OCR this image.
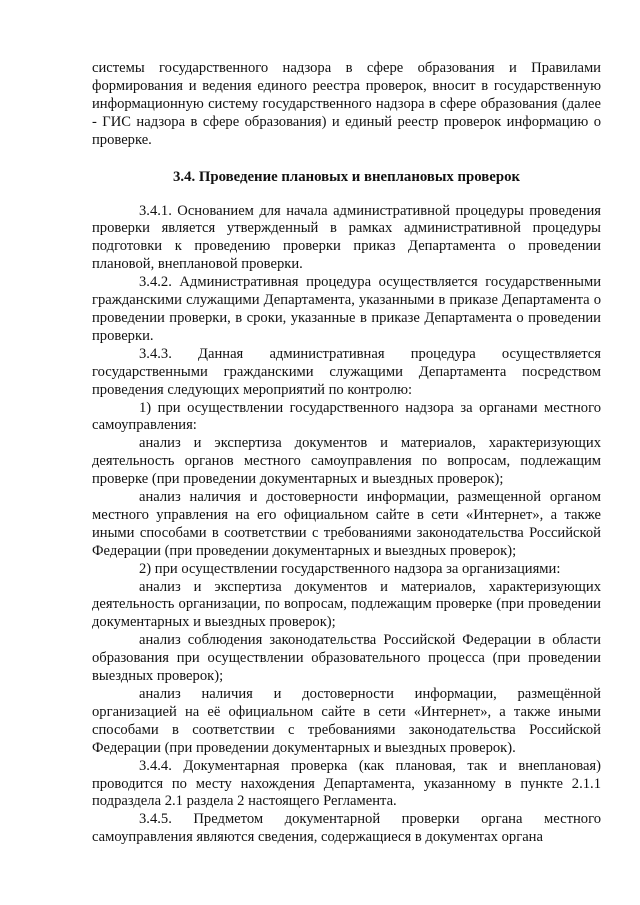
системы государственного надзора в сфере образования и Правилами формирования и ведения единого реестра проверок, вносит в государственную информационную систему государственного надзора в сфере образования (далее - ГИС надзора в сфере образования) и единый реестр проверок информацию о проверке.

3.4. Проведение плановых и внеплановых проверок

3.4.1. Основанием для начала административной процедуры проведения проверки является утвержденный в рамках административной процедуры подготовки к проведению проверки приказ Департамента о проведении плановой, внеплановой проверки.

3.4.2. Административная процедура осуществляется государственными гражданскими служащими Департамента, указанными в приказе Департамента о проведении проверки, в сроки, указанные в приказе Департамента о проведении проверки.

3.4.3. Данная административная процедура осуществляется государственными гражданскими служащими Департамента посредством проведения следующих мероприятий по контролю:

1) при осуществлении государственного надзора за органами местного самоуправления:

анализ и экспертиза документов и материалов, характеризующих деятельность органов местного самоуправления по вопросам, подлежащим проверке (при проведении документарных и выездных проверок);

анализ наличия и достоверности информации, размещенной органом местного управления на его официальном сайте в сети «Интернет», а также иными способами в соответствии с требованиями законодательства Российской Федерации (при проведении документарных и выездных проверок);

2) при осуществлении государственного надзора за организациями:

анализ и экспертиза документов и материалов, характеризующих деятельность организации, по вопросам, подлежащим проверке (при проведении документарных и выездных проверок);

анализ соблюдения законодательства Российской Федерации в области образования при осуществлении образовательного процесса (при проведении выездных проверок);

анализ наличия и достоверности информации, размещённой организацией на её официальном сайте в сети «Интернет», а также иными способами в соответствии с требованиями законодательства Российской Федерации (при проведении документарных и выездных проверок).

3.4.4. Документарная проверка (как плановая, так и внеплановая) проводится по месту нахождения Департамента, указанному в пункте 2.1.1 подраздела 2.1 раздела 2 настоящего Регламента.

3.4.5. Предметом документарной проверки органа местного самоуправления являются сведения, содержащиеся в документах органа
